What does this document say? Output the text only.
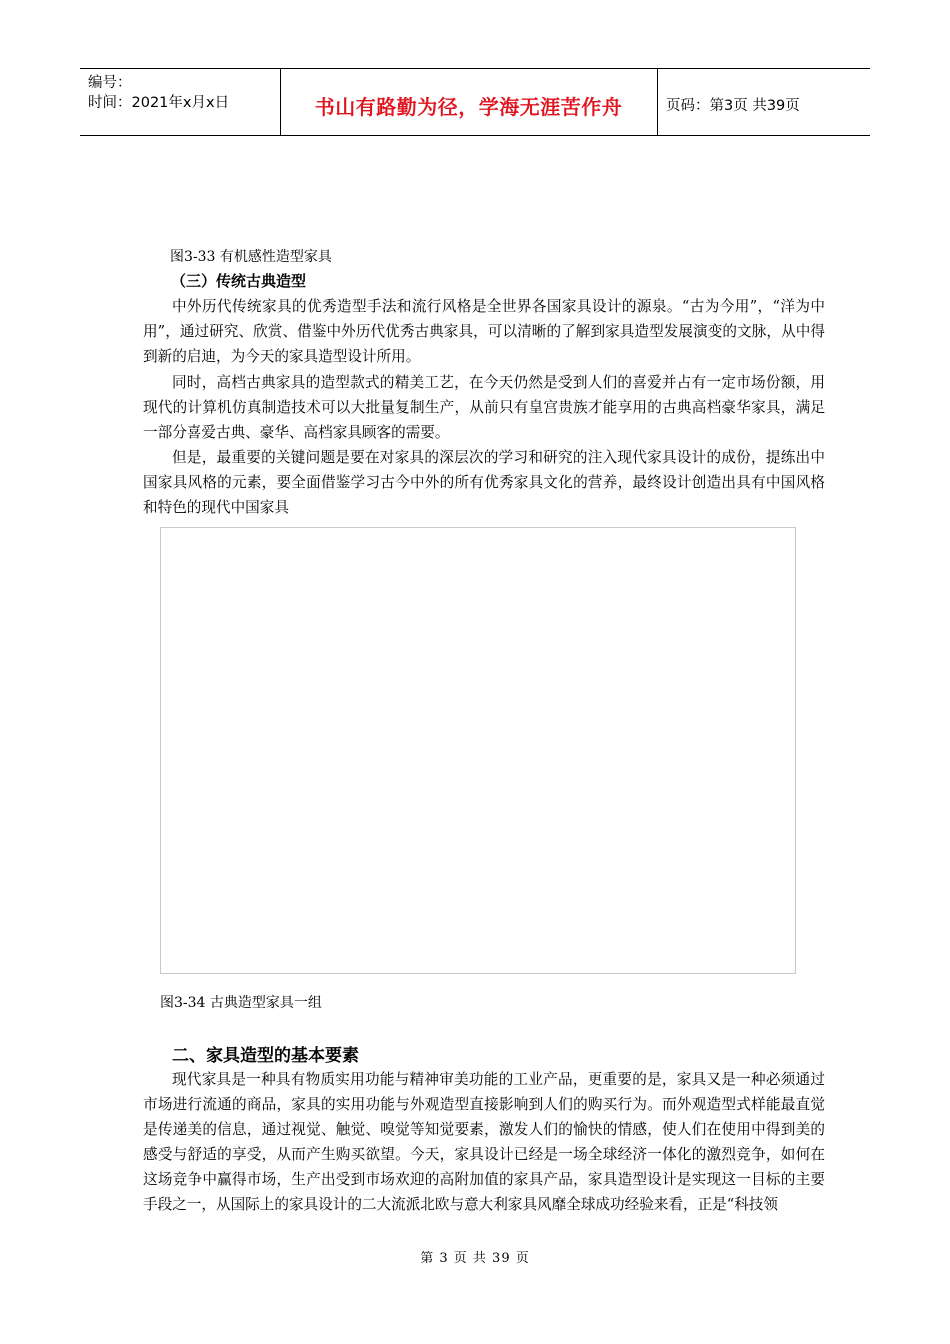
编号：
时间：2021年x月x日	书山有路勤为径，学海无涯苦作舟	页码：第3页 共39页
图3-33 有机感性造型家具
（三）传统古典造型

中外历代传统家具的优秀造型手法和流行风格是全世界各国家具设计的源泉。“古为今用”，“洋为中用”，通过研究、欣赏、借鉴中外历代优秀古典家具，可以清晰的了解到家具造型发展演变的文脉，从中得到新的启迪，为今天的家具造型设计所用。

同时，高档古典家具的造型款式的精美工艺，在今天仍然是受到人们的喜爱并占有一定市场份额，用现代的计算机仿真制造技术可以大批量复制生产，从前只有皇宫贵族才能享用的古典高档豪华家具，满足一部分喜爱古典、豪华、高档家具顾客的需要。

但是，最重要的关键问题是要在对家具的深层次的学习和研究的注入现代家具设计的成份，提练出中国家具风格的元素，要全面借鉴学习古今中外的所有优秀家具文化的营养，最终设计创造出具有中国风格和特色的现代中国家具

图3-34 古典造型家具一组
二、家具造型的基本要素

现代家具是一种具有物质实用功能与精神审美功能的工业产品，更重要的是，家具又是一种必须通过市场进行流通的商品，家具的实用功能与外观造型直接影响到人们的购买行为。而外观造型式样能最直觉是传递美的信息，通过视觉、触觉、嗅觉等知觉要素，激发人们的愉快的情感，使人们在使用中得到美的感受与舒适的享受，从而产生购买欲望。今天，家具设计已经是一场全球经济一体化的激烈竞争，如何在这场竞争中赢得市场，生产出受到市场欢迎的高附加值的家具产品，家具造型设计是实现这一目标的主要手段之一，从国际上的家具设计的二大流派北欧与意大利家具风靡全球成功经验来看，正是“科技领

第 3 页 共 39 页
